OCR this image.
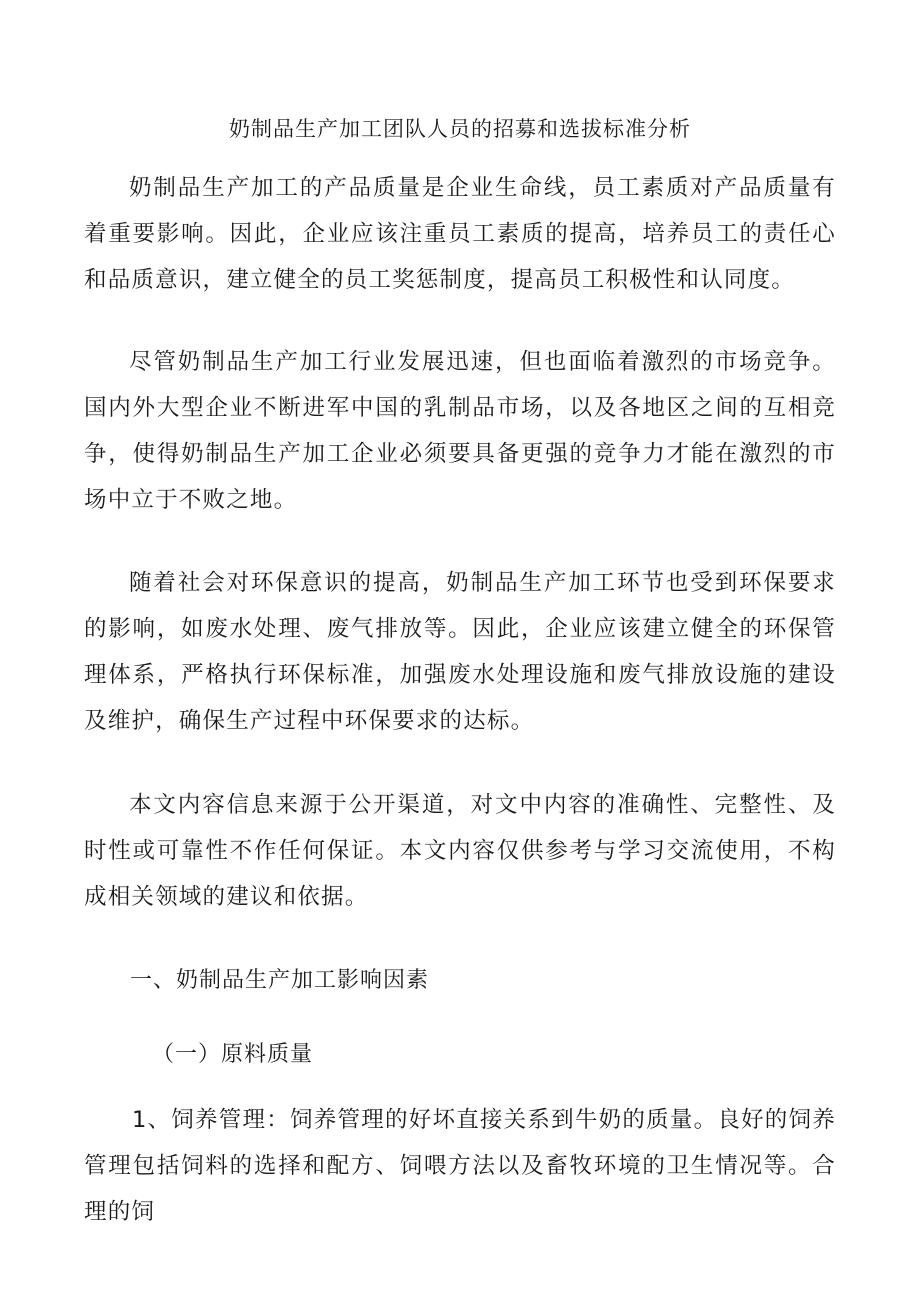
奶制品生产加工团队人员的招募和选拔标准分析

奶制品生产加工的产品质量是企业生命线，员工素质对产品质量有着重要影响。因此，企业应该注重员工素质的提高，培养员工的责任心和品质意识，建立健全的员工奖惩制度，提高员工积极性和认同度。

尽管奶制品生产加工行业发展迅速，但也面临着激烈的市场竞争。国内外大型企业不断进军中国的乳制品市场，以及各地区之间的互相竞争，使得奶制品生产加工企业必须要具备更强的竞争力才能在激烈的市场中立于不败之地。

随着社会对环保意识的提高，奶制品生产加工环节也受到环保要求的影响，如废水处理、废气排放等。因此，企业应该建立健全的环保管理体系，严格执行环保标准，加强废水处理设施和废气排放设施的建设及维护，确保生产过程中环保要求的达标。

本文内容信息来源于公开渠道，对文中内容的准确性、完整性、及时性或可靠性不作任何保证。本文内容仅供参考与学习交流使用，不构成相关领域的建议和依据。

一、奶制品生产加工影响因素
（一）原料质量

1、饲养管理：饲养管理的好坏直接关系到牛奶的质量。良好的饲养管理包括饲料的选择和配方、饲喂方法以及畜牧环境的卫生情况等。合理的饲
